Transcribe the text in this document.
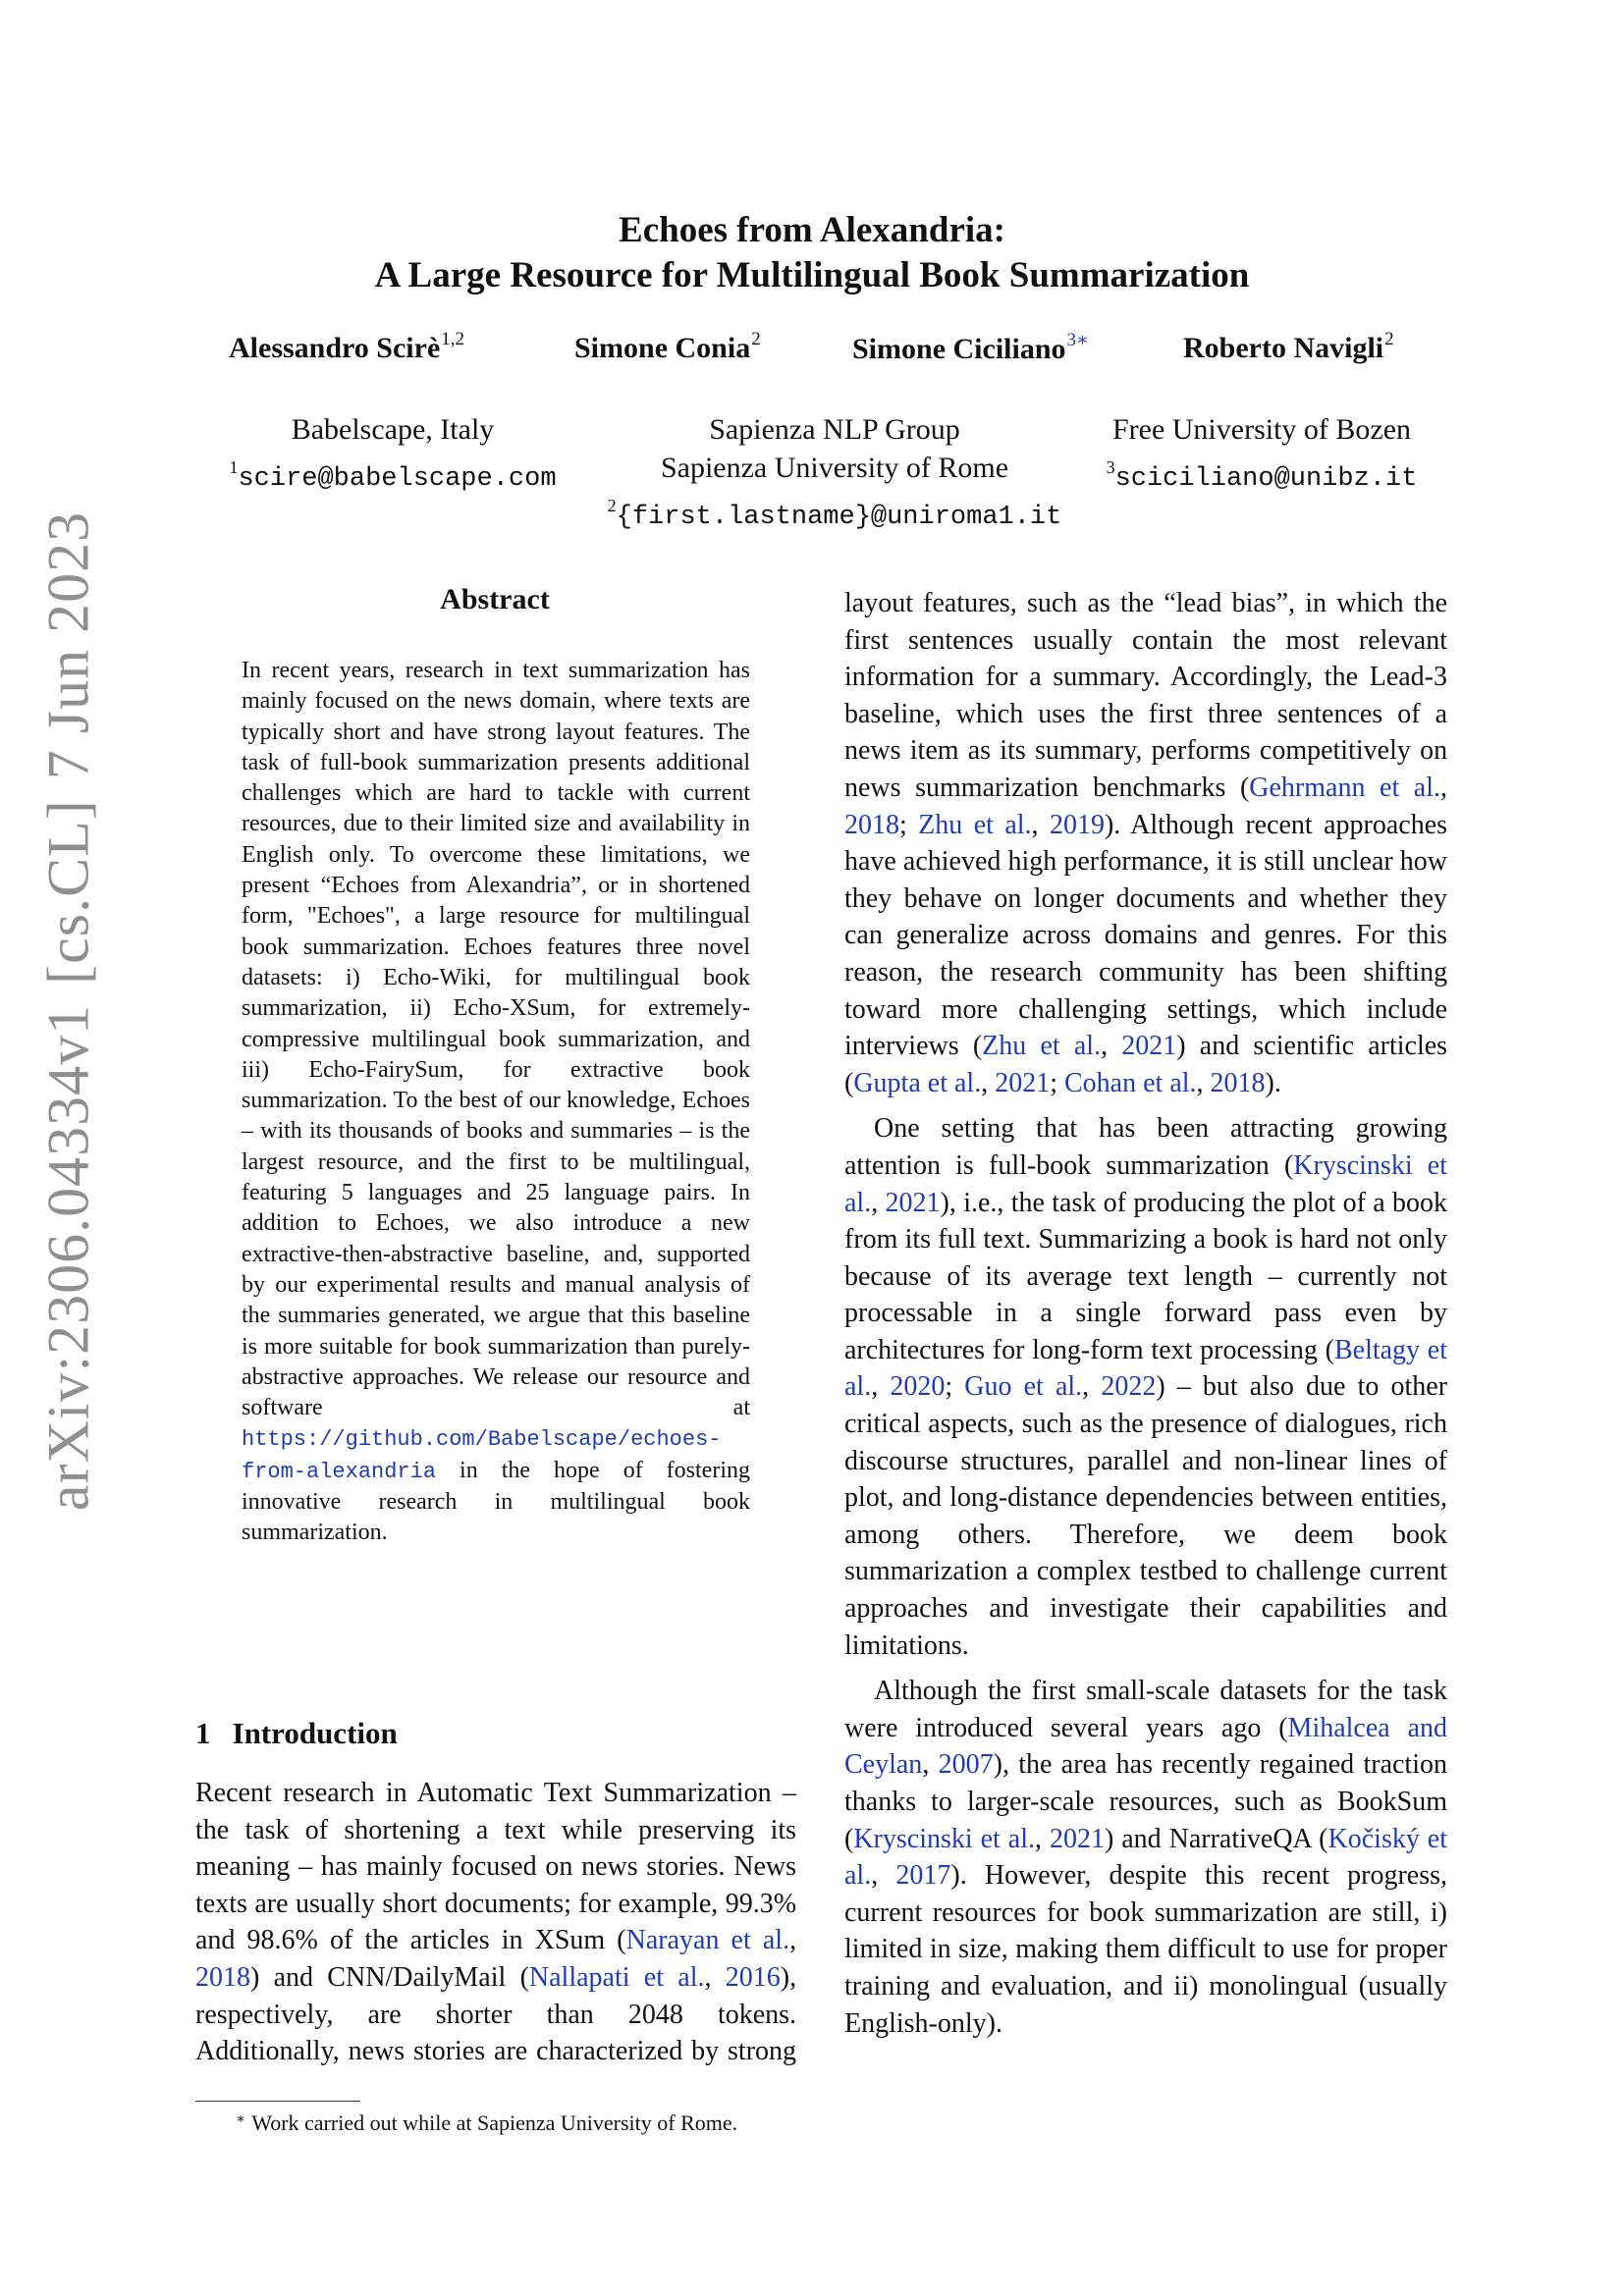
arXiv:2306.04334v1[cs.CL]7 Jun 2023
Echoes from Alexandria:
A Large Resource for Multilingual Book Summarization
Alessandro Scirè$^{1,2}$	Simone Conia$^2$	Simone Ciciliano$^{3∗}$	Roberto Navigli$^2$
Babelscape, Italy
$^1$scire@babelscape.com
Sapienza NLP Group
Sapienza University of Rome
$^2${first.lastname}@uniroma1.it
Free University of Bozen
$^3$sciciliano@unibz.it
Abstract
In recent years, research in text summarization has mainly focused on the news domain, where texts are typically short and have strong layout features. The task of full-book summarization presents additional challenges which are hard to tackle with current resources, due to their limited size and availability in English only. To overcome these limitations, we present “Echoes from Alexandria”, or in shortened form, "Echoes", a large resource for multilingual book summarization. Echoes features three novel datasets: i) Echo-Wiki, for multilingual book summarization, ii) Echo-XSum, for extremely-compressive multilingual book summarization, and iii) Echo-FairySum, for extractive book summarization. To the best of our knowledge, Echoes – with its thousands of books and summaries – is the largest resource, and the first to be multilingual, featuring 5 languages and 25 language pairs. In addition to Echoes, we also introduce a new extractive-then-abstractive baseline, and, supported by our experimental results and manual analysis of the summaries generated, we argue that this baseline is more suitable for book summarization than purely-abstractive approaches. We release our resource and software at https://github.com/Babelscape/echoes-from-alexandria in the hope of fostering innovative research in multilingual book summarization.
1 Introduction
Recent research in Automatic Text Summarization – the task of shortening a text while preserving its meaning – has mainly focused on news stories. News texts are usually short documents; for example, 99.3% and 98.6% of the articles in XSum (Narayan et al., 2018) and CNN/DailyMail (Nallapati et al., 2016), respectively, are shorter than 2048 tokens. Additionally, news stories are characterized by strong
∗ Work carried out while at Sapienza University of Rome.

layout features, such as the “lead bias”, in which the first sentences usually contain the most relevant information for a summary. Accordingly, the Lead-3 baseline, which uses the first three sentences of a news item as its summary, performs competitively on news summarization benchmarks (Gehrmann et al., 2018; Zhu et al., 2019). Although recent approaches have achieved high performance, it is still unclear how they behave on longer documents and whether they can generalize across domains and genres. For this reason, the research community has been shifting toward more challenging settings, which include interviews (Zhu et al., 2021) and scientific articles (Gupta et al., 2021; Cohan et al., 2018).

One setting that has been attracting growing attention is full-book summarization (Kryscinski et al., 2021), i.e., the task of producing the plot of a book from its full text. Summarizing a book is hard not only because of its average text length – currently not processable in a single forward pass even by architectures for long-form text processing (Beltagy et al., 2020; Guo et al., 2022) – but also due to other critical aspects, such as the presence of dialogues, rich discourse structures, parallel and non-linear lines of plot, and long-distance dependencies between entities, among others. Therefore, we deem book summarization a complex testbed to challenge current approaches and investigate their capabilities and limitations.

Although the first small-scale datasets for the task were introduced several years ago (Mihalcea and Ceylan, 2007), the area has recently regained traction thanks to larger-scale resources, such as BookSum (Kryscinski et al., 2021) and NarrativeQA (Kočiský et al., 2017). However, despite this recent progress, current resources for book summarization are still, i) limited in size, making them difficult to use for proper training and evaluation, and ii) monolingual (usually English-only).
